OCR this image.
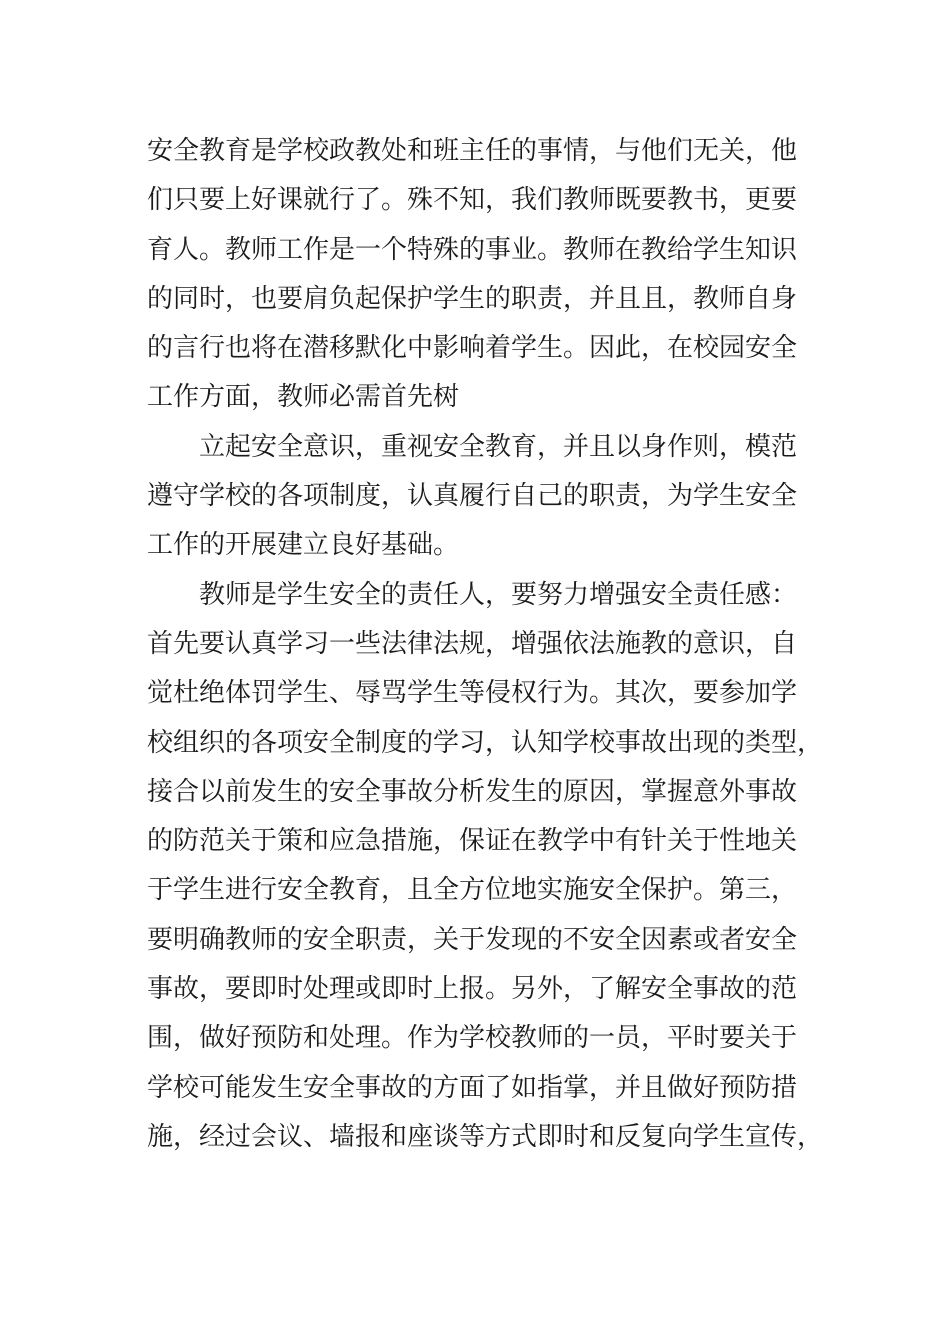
安全教育是学校政教处和班主任的事情，与他们无关，他
们只要上好课就行了。殊不知，我们教师既要教书，更要
育人。教师工作是一个特殊的事业。教师在教给学生知识
的同时，也要肩负起保护学生的职责，并且且，教师自身
的言行也将在潜移默化中影响着学生。因此，在校园安全
工作方面，教师必需首先树
立起安全意识，重视安全教育，并且以身作则，模范
遵守学校的各项制度，认真履行自己的职责，为学生安全
工作的开展建立良好基础。
教师是学生安全的责任人，要努力增强安全责任感：
首先要认真学习一些法律法规，增强依法施教的意识，自
觉杜绝体罚学生、辱骂学生等侵权行为。其次，要参加学
校组织的各项安全制度的学习，认知学校事故出现的类型，
接合以前发生的安全事故分析发生的原因，掌握意外事故
的防范关于策和应急措施，保证在教学中有针关于性地关
于学生进行安全教育，且全方位地实施安全保护。第三，
要明确教师的安全职责，关于发现的不安全因素或者安全
事故，要即时处理或即时上报。另外，了解安全事故的范
围，做好预防和处理。作为学校教师的一员，平时要关于
学校可能发生安全事故的方面了如指掌，并且做好预防措
施，经过会议、墙报和座谈等方式即时和反复向学生宣传，
